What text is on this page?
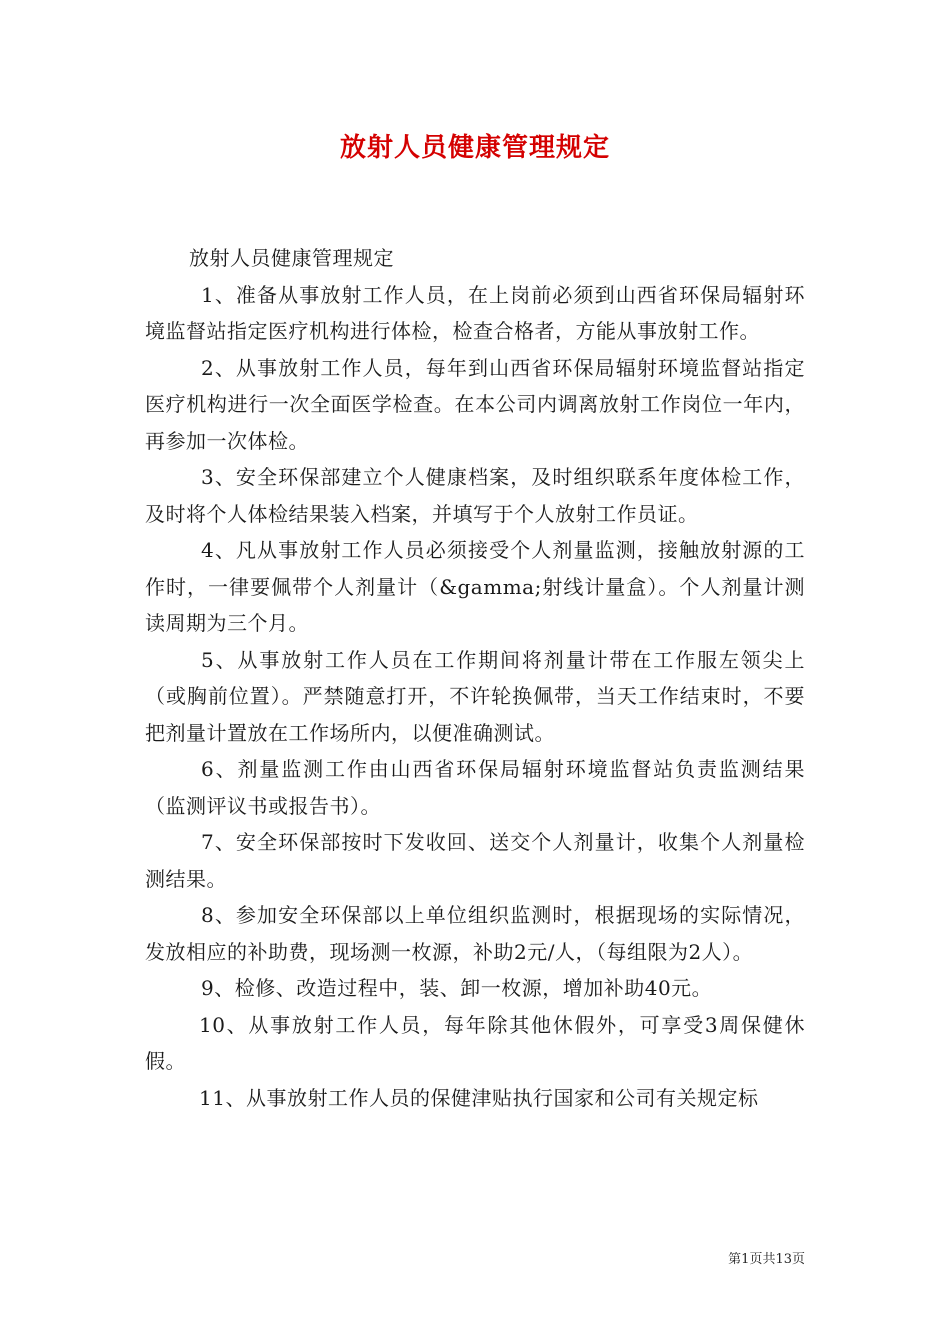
放射人员健康管理规定

放射人员健康管理规定

1、准备从事放射工作人员，在上岗前必须到山西省环保局辐射环境监督站指定医疗机构进行体检，检查合格者，方能从事放射工作。

2、从事放射工作人员，每年到山西省环保局辐射环境监督站指定医疗机构进行一次全面医学检查。在本公司内调离放射工作岗位一年内，再参加一次体检。

3、安全环保部建立个人健康档案，及时组织联系年度体检工作，及时将个人体检结果装入档案，并填写于个人放射工作员证。

4、凡从事放射工作人员必须接受个人剂量监测，接触放射源的工作时，一律要佩带个人剂量计（&gamma;射线计量盒）。个人剂量计测读周期为三个月。

5、从事放射工作人员在工作期间将剂量计带在工作服左领尖上（或胸前位置）。严禁随意打开，不许轮换佩带，当天工作结束时，不要把剂量计置放在工作场所内，以便准确测试。

6、剂量监测工作由山西省环保局辐射环境监督站负责监测结果（监测评议书或报告书）。

7、安全环保部按时下发收回、送交个人剂量计，收集个人剂量检测结果。

8、参加安全环保部以上单位组织监测时，根据现场的实际情况，发放相应的补助费，现场测一枚源，补助2元/人，（每组限为2人）。

9、检修、改造过程中，装、卸一枚源，增加补助40元。

10、从事放射工作人员，每年除其他休假外，可享受3周保健休假。

11、从事放射工作人员的保健津贴执行国家和公司有关规定标

第1页共13页
